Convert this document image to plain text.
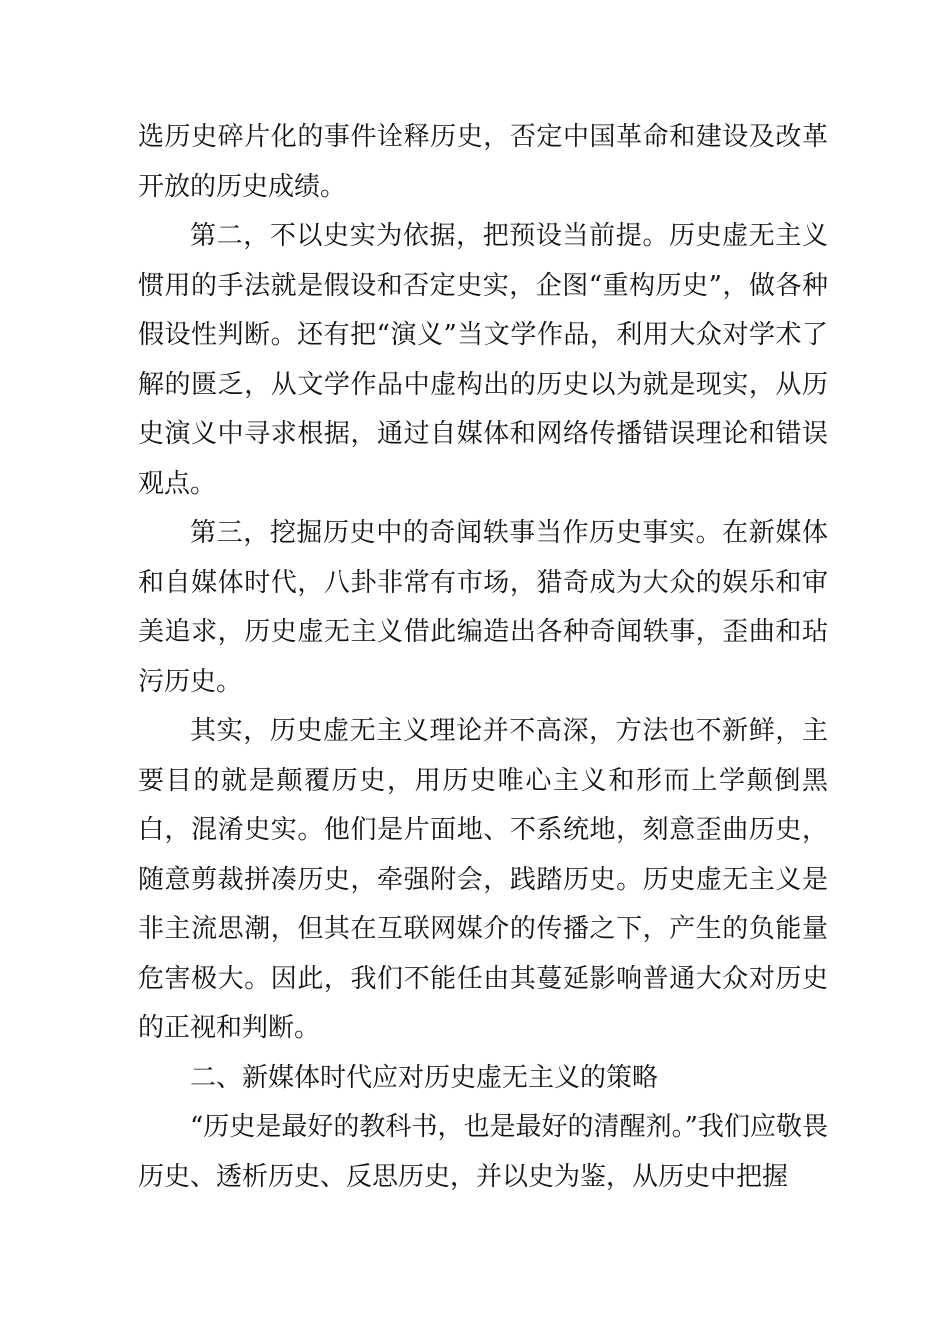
选历史碎片化的事件诠释历史，否定中国革命和建设及改革开放的历史成绩。

第二，不以史实为依据，把预设当前提。历史虚无主义惯用的手法就是假设和否定史实，企图“重构历史”，做各种假设性判断。还有把“演义”当文学作品，利用大众对学术了解的匮乏，从文学作品中虚构出的历史以为就是现实，从历史演义中寻求根据，通过自媒体和网络传播错误理论和错误观点。

第三，挖掘历史中的奇闻轶事当作历史事实。在新媒体和自媒体时代，八卦非常有市场，猎奇成为大众的娱乐和审美追求，历史虚无主义借此编造出各种奇闻轶事，歪曲和玷污历史。

其实，历史虚无主义理论并不高深，方法也不新鲜，主要目的就是颠覆历史，用历史唯心主义和形而上学颠倒黑白，混淆史实。他们是片面地、不系统地，刻意歪曲历史，随意剪裁拼凑历史，牵强附会，践踏历史。历史虚无主义是非主流思潮，但其在互联网媒介的传播之下，产生的负能量危害极大。因此，我们不能任由其蔓延影响普通大众对历史的正视和判断。

二、新媒体时代应对历史虚无主义的策略

“历史是最好的教科书，也是最好的清醒剂。”我们应敬畏历史、透析历史、反思历史，并以史为鉴，从历史中把握
